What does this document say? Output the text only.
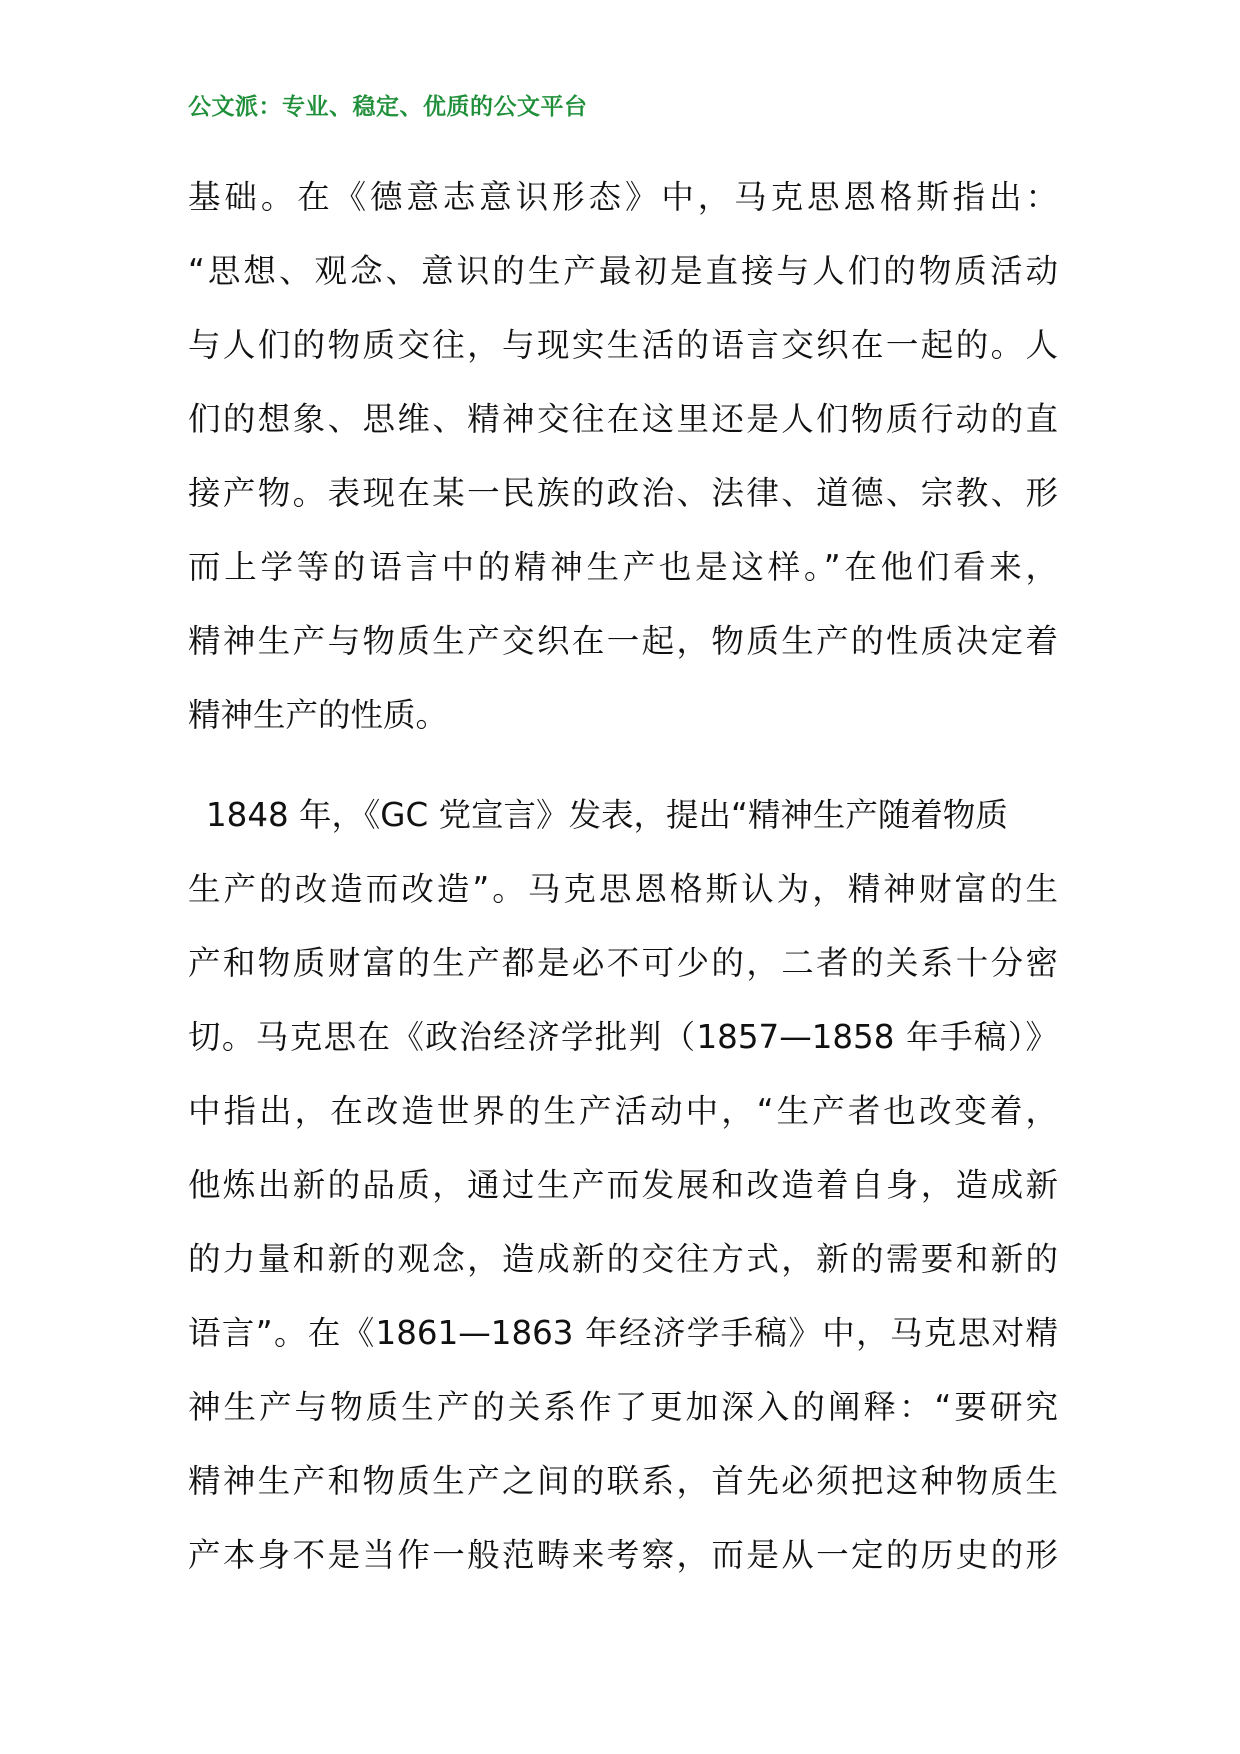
公文派：专业、稳定、优质的公文平台
基础。在《德意志意识形态》中，马克思恩格斯指出：
“思想、观念、意识的生产最初是直接与人们的物质活动
与人们的物质交往，与现实生活的语言交织在一起的。人
们的想象、思维、精神交往在这里还是人们物质行动的直
接产物。表现在某一民族的政治、法律、道德、宗教、形
而上学等的语言中的精神生产也是这样。”在他们看来，
精神生产与物质生产交织在一起，物质生产的性质决定着
精神生产的性质。
1848 年，《GC 党宣言》发表，提出“精神生产随着物质
生产的改造而改造”。马克思恩格斯认为，精神财富的生
产和物质财富的生产都是必不可少的，二者的关系十分密
切。马克思在《政治经济学批判（1857—1858 年手稿）》
中指出，在改造世界的生产活动中，“生产者也改变着，
他炼出新的品质，通过生产而发展和改造着自身，造成新
的力量和新的观念，造成新的交往方式，新的需要和新的
语言”。在《1861—1863 年经济学手稿》中，马克思对精
神生产与物质生产的关系作了更加深入的阐释：“要研究
精神生产和物质生产之间的联系，首先必须把这种物质生
产本身不是当作一般范畴来考察，而是从一定的历史的形
